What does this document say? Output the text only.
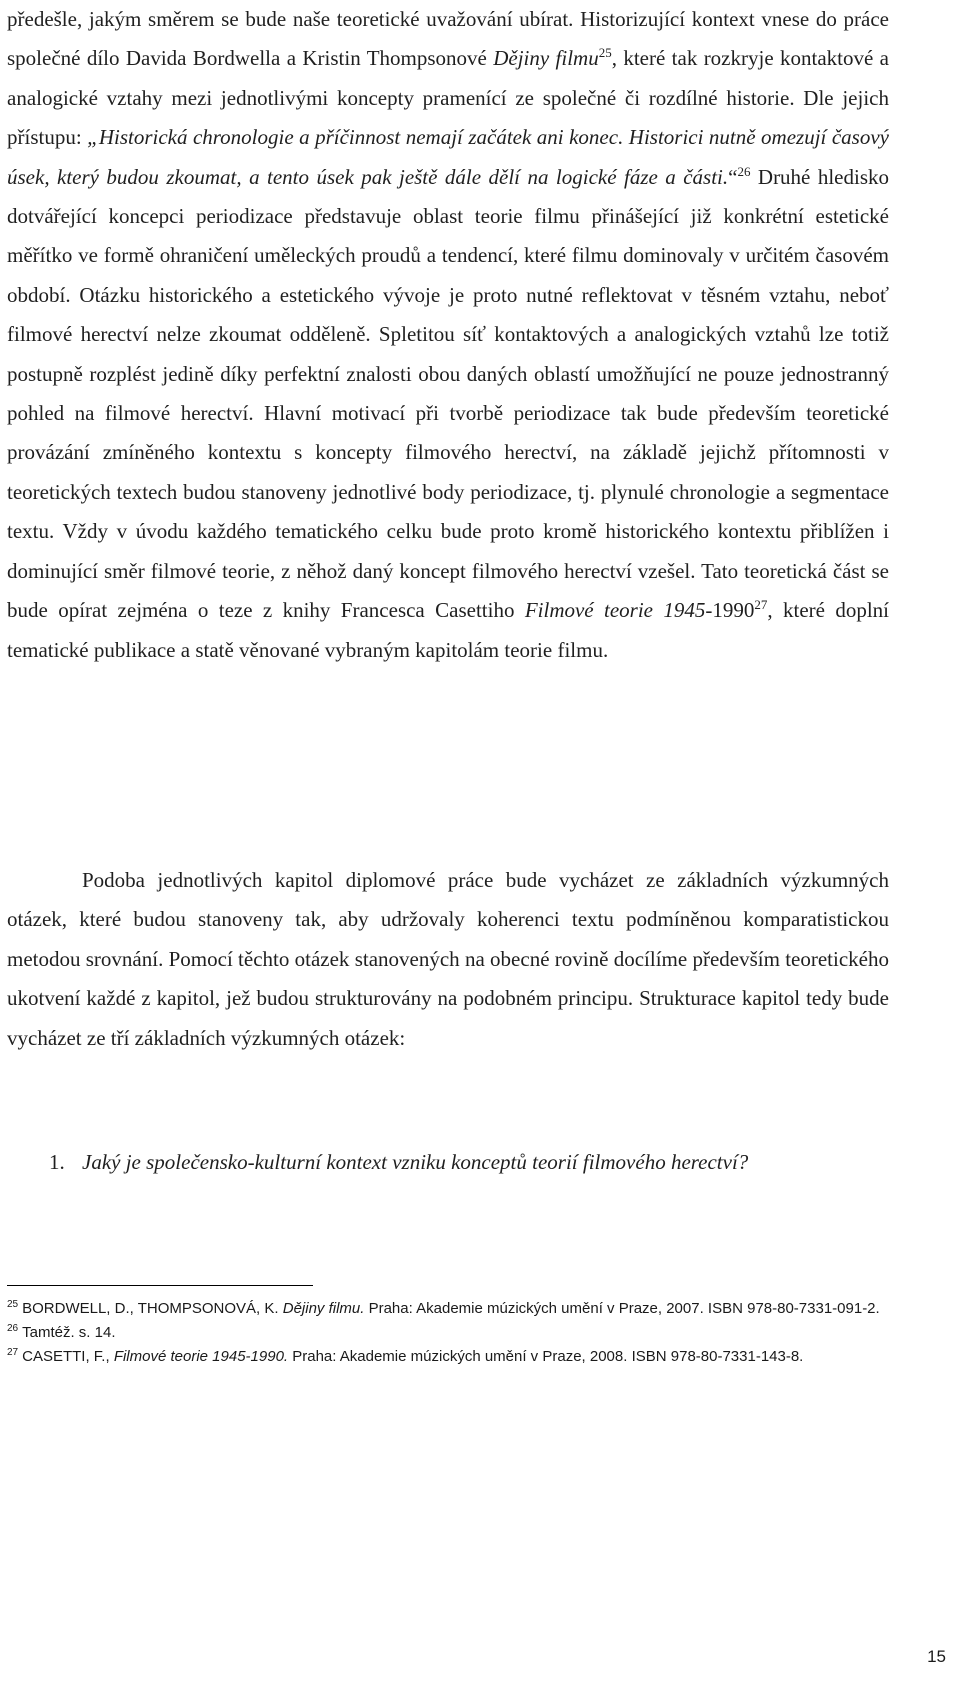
předešle, jakým směrem se bude naše teoretické uvažování ubírat. Historizující kontext vnese do práce společné dílo Davida Bordwella a Kristin Thompsonové Dějiny filmu$^{25}$, které tak rozkryje kontaktové a analogické vztahy mezi jednotlivými koncepty pramenící ze společné či rozdílné historie. Dle jejich přístupu: „Historická chronologie a příčinnost nemají začátek ani konec. Historici nutně omezují časový úsek, který budou zkoumat, a tento úsek pak ještě dále dělí na logické fáze a části.“$^{26}$ Druhé hledisko dotvářející koncepci periodizace představuje oblast teorie filmu přinášející již konkrétní estetické měřítko ve formě ohraničení uměleckých proudů a tendencí, které filmu dominovaly v určitém časovém období. Otázku historického a estetického vývoje je proto nutné reflektovat v těsném vztahu, neboť filmové herectví nelze zkoumat odděleně. Spletitou síť kontaktových a analogických vztahů lze totiž postupně rozplést jedině díky perfektní znalosti obou daných oblastí umožňující ne pouze jednostranný pohled na filmové herectví. Hlavní motivací při tvorbě periodizace tak bude především teoretické provázání zmíněného kontextu s koncepty filmového herectví, na základě jejichž přítomnosti v teoretických textech budou stanoveny jednotlivé body periodizace, tj. plynulé chronologie a segmentace textu. Vždy v úvodu každého tematického celku bude proto kromě historického kontextu přiblížen i dominující směr filmové teorie, z něhož daný koncept filmového herectví vzešel. Tato teoretická část se bude opírat zejména o teze z knihy Francesca Casettiho Filmové teorie 1945-1990$^{27}$, které doplní tematické publikace a statě věnované vybraným kapitolám teorie filmu.

Podoba jednotlivých kapitol diplomové práce bude vycházet ze základních výzkumných otázek, které budou stanoveny tak, aby udržovaly koherenci textu podmíněnou komparatistickou metodou srovnání. Pomocí těchto otázek stanovených na obecné rovině docílíme především teoretického ukotvení každé z kapitol, jež budou strukturovány na podobném principu. Strukturace kapitol tedy bude vycházet ze tří základních výzkumných otázek:

1. Jaký je společensko-kulturní kontext vzniku konceptů teorií filmového herectví?

$^{25}$ BORDWELL, D., THOMPSONOVÁ, K. Dějiny filmu. Praha: Akademie múzických umění v Praze, 2007. ISBN 978-80-7331-091-2.

$^{26}$ Tamtéž. s. 14.

$^{27}$ CASETTI, F., Filmové teorie 1945-1990. Praha: Akademie múzických umění v Praze, 2008. ISBN 978-80-7331-143-8.

15
